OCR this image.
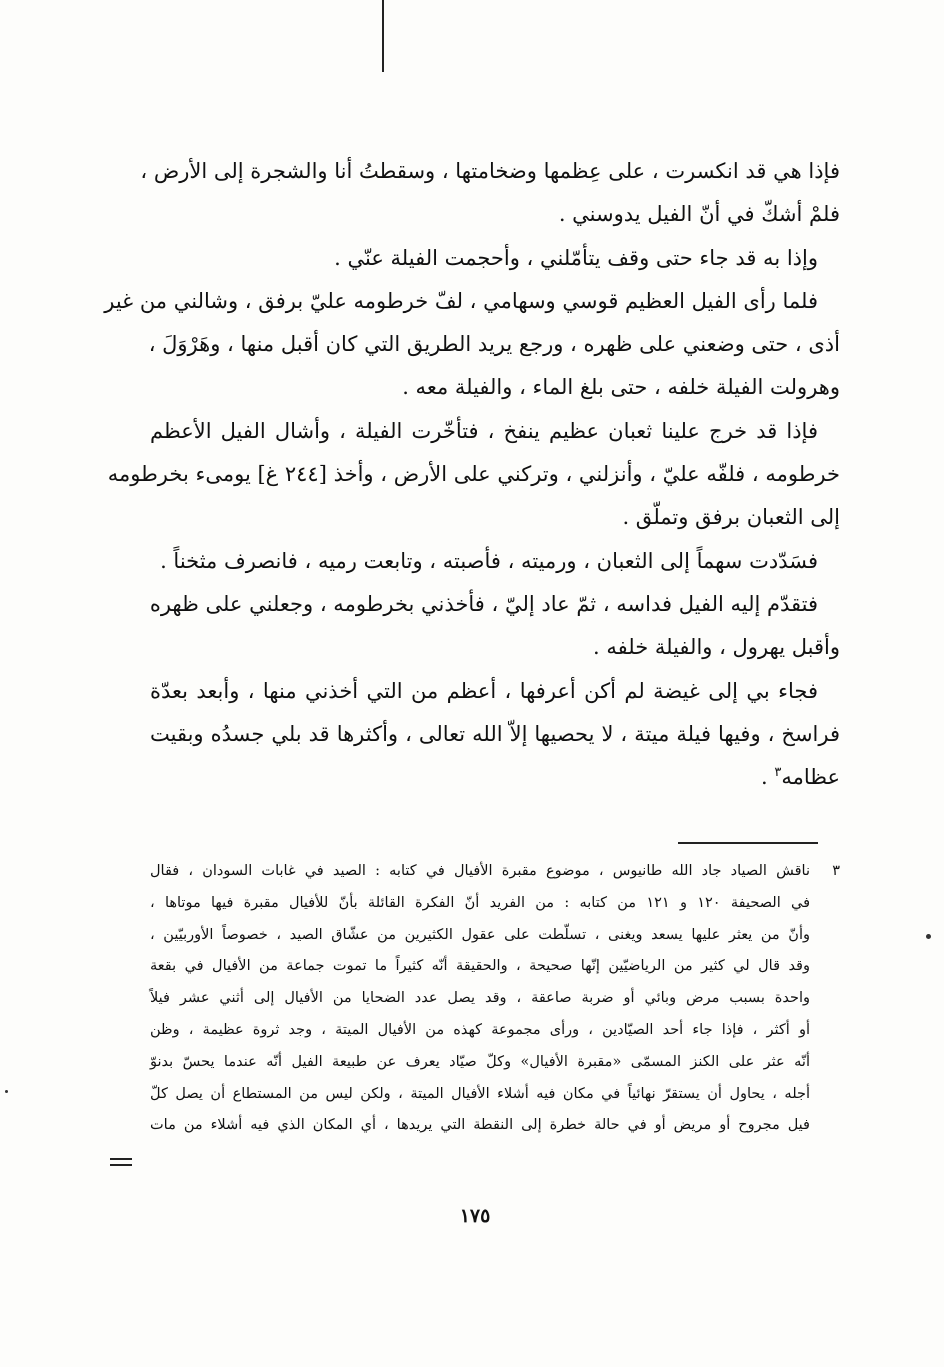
فإذا هي قد انكسرت ، على عِظمها وضخامتها ، وسقطتُ أنا والشجرة إلى الأرض ،
فلمْ أشكّ في أنّ الفيل يدوسني .
وإذا به قد جاء حتى وقف يتأمّلني ، وأحجمت الفيلة عنّي .
فلما رأى الفيل العظيم قوسي وسهامي ، لفّ خرطومه عليّ برفق ، وشالني من غير
أذى ، حتى وضعني على ظهره ، ورجع يريد الطريق التي كان أقبل منها ، وهَرْوَلَ ،
وهرولت الفيلة خلفه ، حتى بلغ الماء ، والفيلة معه .
فإذا قد خرج علينا ثعبان عظيم ينفخ ، فتأخّرت الفيلة ، وأشال الفيل الأعظم
خرطومه ، فلفّه عليّ ، وأنزلني ، وتركني على الأرض ، وأخذ [٢٤٤ غ] يومىء بخرطومه
إلى الثعبان برفق وتملّق .
فسَدّدت سهماً إلى الثعبان ، ورميته ، فأصبته ، وتابعت رميه ، فانصرف مثخناً .
فتقدّم إليه الفيل فداسه ، ثمّ عاد إليّ ، فأخذني بخرطومه ، وجعلني على ظهره
وأقبل يهرول ، والفيلة خلفه .
فجاء بي إلى غيضة لم أكن أعرفها ، أعظم من التي أخذني منها ، وأبعد بعدّة
فراسخ ، وفيها فيلة ميتة ، لا يحصيها إلاّ الله تعالى ، وأكثرها قد بلي جسدُه وبقيت
عظامه$^٣$ .
٣ناقش الصياد جاد الله طانيوس ، موضوع مقبرة الأفيال في كتابه : الصيد في غابات السودان ، فقال
في الصحيفة ١٢٠ و ١٢١ من كتابه : من الفريد أنّ الفكرة القائلة بأنّ للأفيال مقبرة فيها موتاها ،
وأنّ من يعثر عليها يسعد ويغنى ، تسلّطت على عقول الكثيرين من عشّاق الصيد ، خصوصاً الأوربيّين ،
وقد قال لي كثير من الرياضيّين إنّها صحيحة ، والحقيقة أنّه كثيراً ما تموت جماعة من الأفيال في بقعة
واحدة بسبب مرض وبائي أو ضربة صاعقة ، وقد يصل عدد الضحايا من الأفيال إلى أثني عشر فيلاً
أو أكثر ، فإذا جاء أحد الصيّادين ، ورأى مجموعة كهذه من الأفيال الميتة ، وجد ثروة عظيمة ، وظن
أنّه عثر على الكنز المسمّى «مقبرة الأفيال» وكلّ صيّاد يعرف عن طبيعة الفيل أنّه عندما يحسّ بدنوّ
أجله ، يحاول أن يستقرّ نهائياً في مكان فيه أشلاء الأفيال الميتة ، ولكن ليس من المستطاع أن يصل كلّ
فيل مجروح أو مريض أو في حالة خطرة إلى النقطة التي يريدها ، أي المكان الذي فيه أشلاء من مات
١٧٥
